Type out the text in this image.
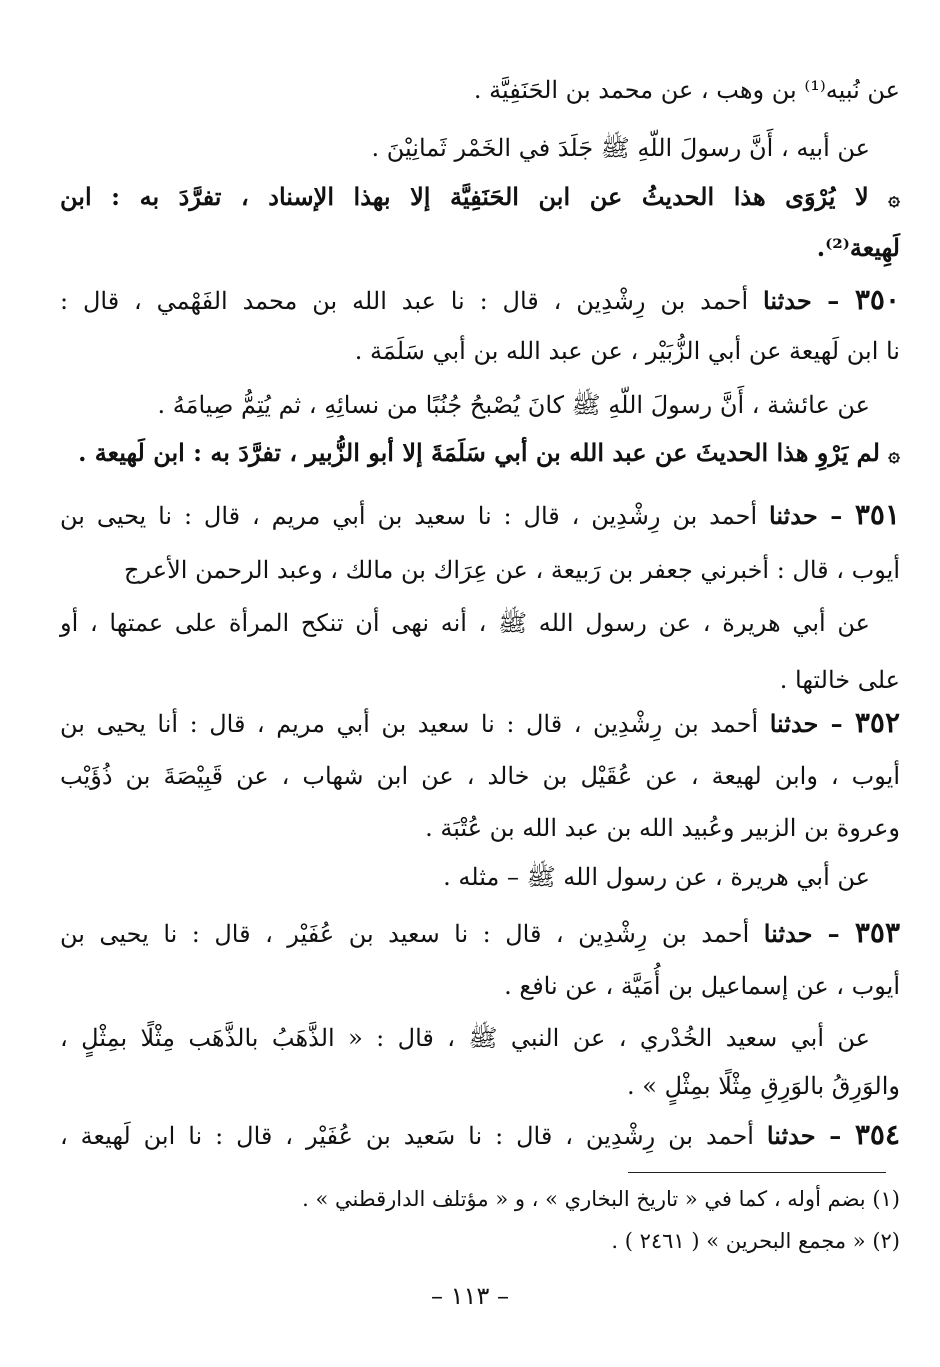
عن نُبيه⁽¹⁾ بن وهب ، عن محمد بن الحَنَفِيَّة .
عن أبيه ، أَنَّ رسولَ اللّهِ ﷺ جَلَدَ في الخَمْر ثَمانِيْنَ .
۞ لا يُرْوَى هذا الحديثُ عن ابن الحَنَفِيَّة إلا بهذا الإسناد ، تفرَّدَ به : ابن
لَهِيعة⁽²⁾.
٣٥٠ – حدثنا أحمد بن رِشْدِين ، قال : نا عبد الله بن محمد الفَهْمي ، قال :
نا ابن لَهيعة عن أبي الزُّبَيْر ، عن عبد الله بن أبي سَلَمَة .
عن عائشة ، أَنَّ رسولَ اللّهِ ﷺ كانَ يُصْبحُ جُنُبًا من نسائِهِ ، ثم يُتِمُّ صِيامَهُ .
۞ لم يَرْوِ هذا الحديثَ عن عبد الله بن أبي سَلَمَةَ إلا أبو الزُّبير ، تفرَّدَ به : ابن لَهيعة .
٣٥١ – حدثنا أحمد بن رِشْدِين ، قال : نا سعيد بن أبي مريم ، قال : نا يحيى بن
أيوب ، قال : أخبرني جعفر بن رَبيعة ، عن عِرَاك بن مالك ، وعبد الرحمن الأعرج
عن أبي هريرة ، عن رسول الله ﷺ ، أنه نهى أن تنكح المرأة على عمتها ، أو
على خالتها .
٣٥٢ – حدثنا أحمد بن رِشْدِين ، قال : نا سعيد بن أبي مريم ، قال : أنا يحيى بن
أيوب ، وابن لهيعة ، عن عُقَيْل بن خالد ، عن ابن شهاب ، عن قَبِيْصَةَ بن ذُؤَيْب
وعروة بن الزبير وعُبيد الله بن عبد الله بن عُتْبَة .
عن أبي هريرة ، عن رسول الله ﷺ – مثله .
٣٥٣ – حدثنا أحمد بن رِشْدِين ، قال : نا سعيد بن عُفَيْر ، قال : نا يحيى بن
أيوب ، عن إسماعيل بن أُمَيَّة ، عن نافع .
عن أبي سعيد الخُدْري ، عن النبي ﷺ ، قال : « الذَّهَبُ بالذَّهَب مِثْلًا بمِثْلٍ ،
والوَرِقُ بالوَرِقِ مِثْلًا بمِثْلٍ » .
٣٥٤ – حدثنا أحمد بن رِشْدِين ، قال : نا سَعيد بن عُفَيْر ، قال : نا ابن لَهيعة ،
(١) بضم أوله ، كما في « تاريخ البخاري » ، و « مؤتلف الدارقطني » .
(٢) « مجمع البحرين » ( ٢٤٦١ ) .
– ١١٣ –
